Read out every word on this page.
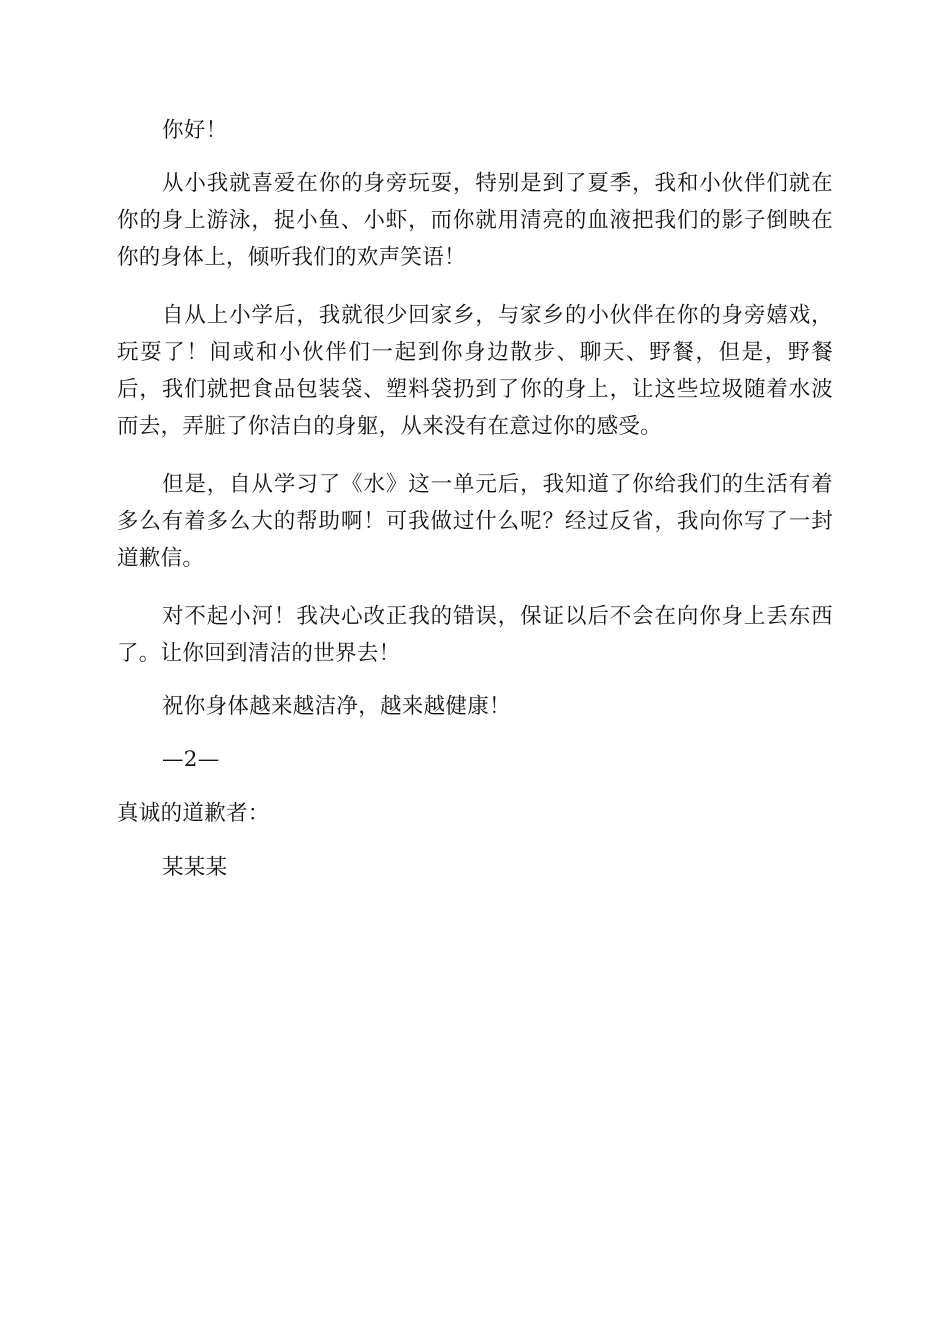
你好！
从小我就喜爱在你的身旁玩耍，特别是到了夏季，我和小伙伴们就在你的身上游泳，捉小鱼、小虾，而你就用清亮的血液把我们的影子倒映在你的身体上，倾听我们的欢声笑语！
自从上小学后，我就很少回家乡，与家乡的小伙伴在你的身旁嬉戏，玩耍了！间或和小伙伴们一起到你身边散步、聊天、野餐，但是，野餐后，我们就把食品包装袋、塑料袋扔到了你的身上，让这些垃圾随着水波而去，弄脏了你洁白的身躯，从来没有在意过你的感受。
但是，自从学习了《水》这一单元后，我知道了你给我们的生活有着多么有着多么大的帮助啊！可我做过什么呢？经过反省，我向你写了一封道歉信。
对不起小河！我决心改正我的错误，保证以后不会在向你身上丢东西了。让你回到清洁的世界去！
祝你身体越来越洁净，越来越健康！
—2—
真诚的道歉者：
某某某
